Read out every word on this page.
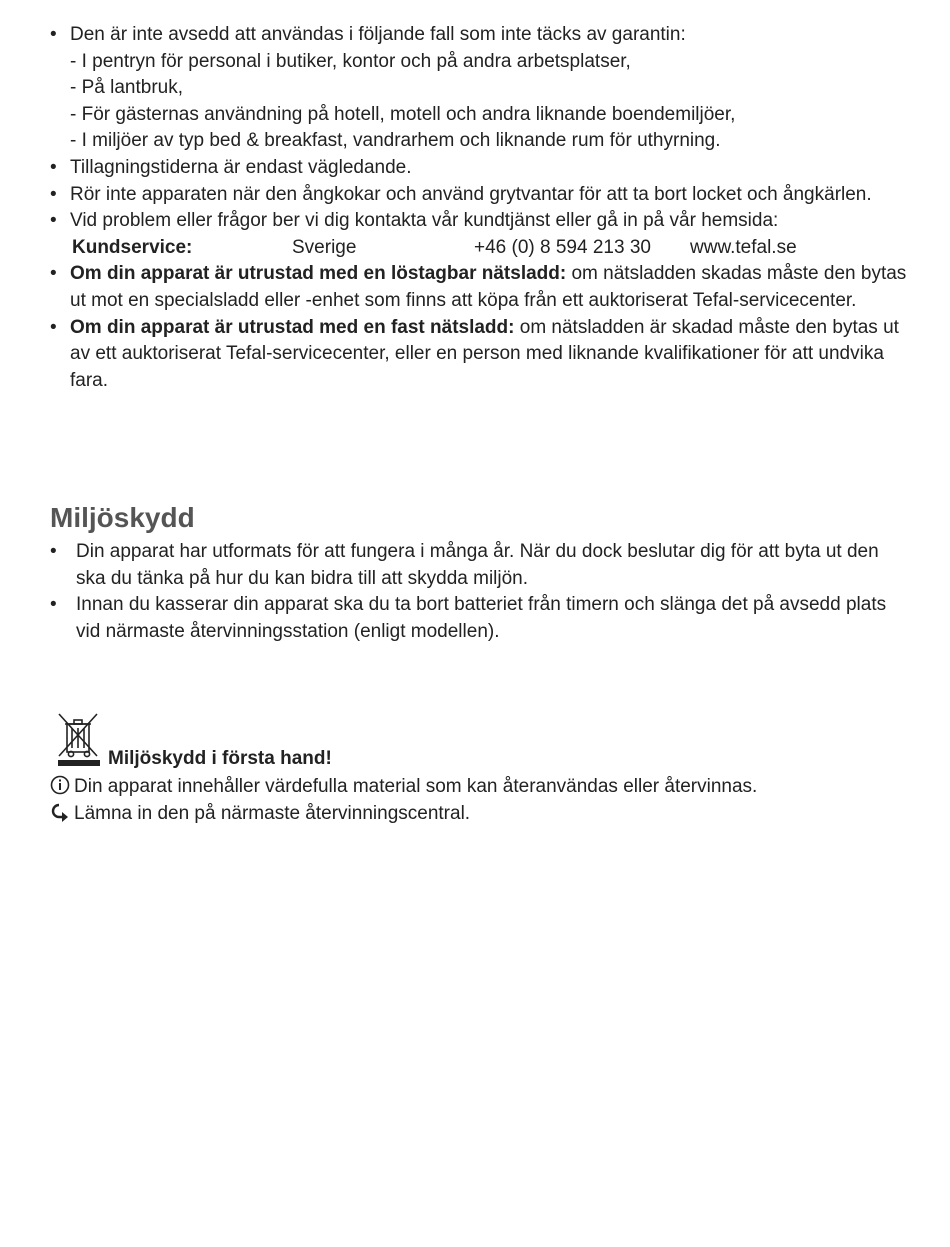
• Den är inte avsedd att användas i följande fall som inte täcks av garantin:
- I pentryn för personal i butiker, kontor och på andra arbetsplatser,
- På lantbruk,
- För gästernas användning på hotell, motell och andra liknande boendemiljöer,
- I miljöer av typ bed & breakfast, vandrarhem och liknande rum för uthyrning.
• Tillagningstiderna är endast vägledande.
• Rör inte apparaten när den ångkokar och använd grytvantar för att ta bort locket och ångkärlen.
• Vid problem eller frågor ber vi dig kontakta vår kundtjänst eller gå in på vår hemsida:
Kundservice:	Sverige	+46 (0) 8 594 213 30 www.tefal.se
• Om din apparat är utrustad med en löstagbar nätsladd: om nätsladden skadas måste den bytas ut mot en specialsladd eller -enhet som finns att köpa från ett auktoriserat Tefal-servicecenter.
• Om din apparat är utrustad med en fast nätsladd: om nätsladden är skadad måste den bytas ut av ett auktoriserat Tefal-servicecenter, eller en person med liknande kvalifikationer för att undvika fara.
Miljöskydd
•	Din apparat har utformats för att fungera i många år. När du dock beslutar dig för att byta ut den ska du tänka på hur du kan bidra till att skydda miljön.
•	Innan du kasserar din apparat ska du ta bort batteriet från timern och slänga det på avsedd plats vid närmaste återvinningsstation (enligt modellen).
Miljöskydd i första hand!
Din apparat innehåller värdefulla material som kan återanvändas eller återvinnas.
Lämna in den på närmaste återvinningscentral.
